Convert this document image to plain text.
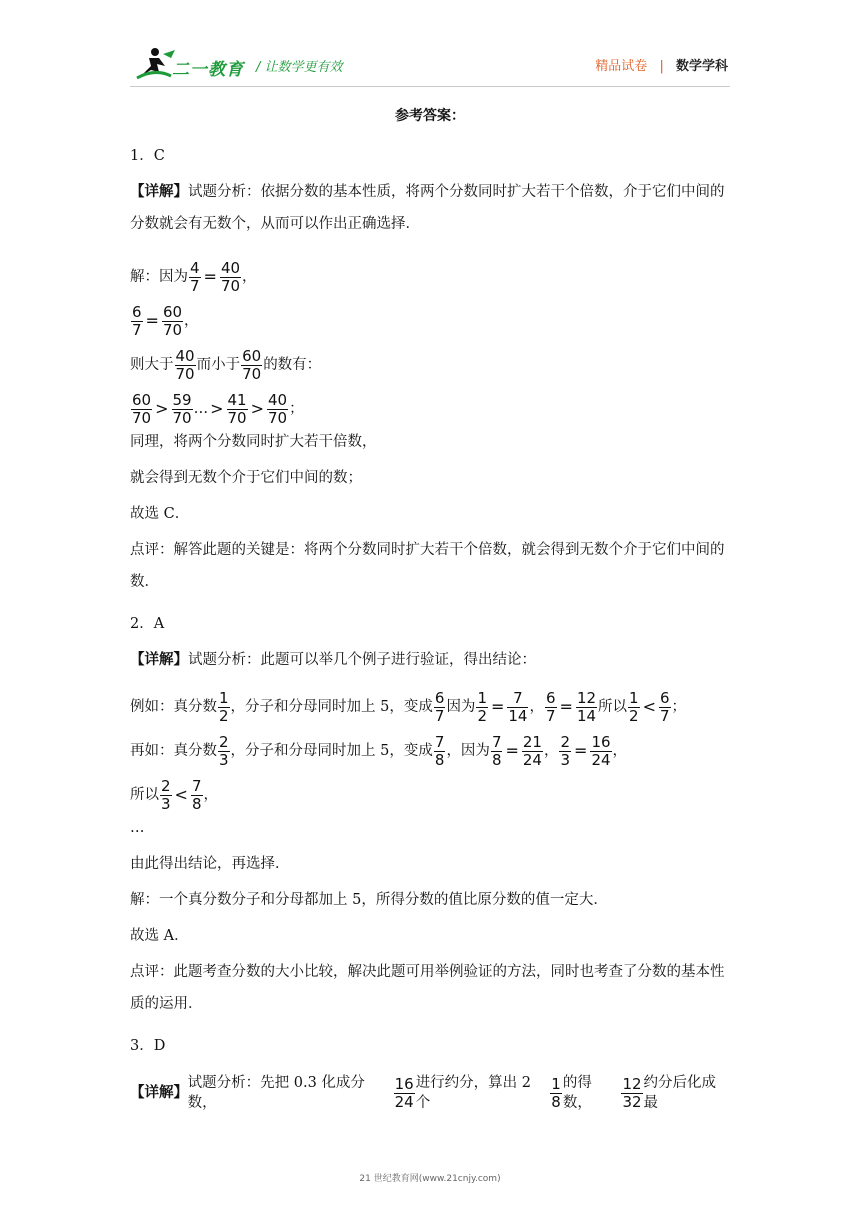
二一教育 / 让数学更有效	精品试卷 | 数学学科
参考答案：
1．C
【详解】试题分析：依据分数的基本性质，将两个分数同时扩大若干个倍数，介于它们中间的分数就会有无数个，从而可以作出正确选择．
解：因为 $\frac{4}{7} = \frac{40}{70}$ ，
$\frac{6}{7} = \frac{60}{70}$ ，
则大于 $\frac{40}{70}$ 而小于 $\frac{60}{70}$ 的数有：
$\frac{60}{70} > \frac{59}{70}$ … > $\frac{41}{70} > \frac{40}{70}$ ；
同理，将两个分数同时扩大若干倍数，
就会得到无数个介于它们中间的数；
故选 C．
点评：解答此题的关键是：将两个分数同时扩大若干个倍数，就会得到无数个介于它们中间的数．
2．A
【详解】试题分析：此题可以举几个例子进行验证，得出结论：
例如：真分数 $\frac{1}{2}$ ，分子和分母同时加上 5，变成 $\frac{6}{7}$ 因为 $\frac{1}{2} = \frac{7}{14}$ ， $\frac{6}{7} = \frac{12}{14}$ 所以 $\frac{1}{2} < \frac{6}{7}$ ；
再如：真分数 $\frac{2}{3}$ ，分子和分母同时加上 5，变成 $\frac{7}{8}$ ，因为 $\frac{7}{8} = \frac{21}{24}$ ， $\frac{2}{3} = \frac{16}{24}$ ，
所以 $\frac{2}{3} < \frac{7}{8}$ ，
…
由此得出结论，再选择．
解：一个真分数分子和分母都加上 5，所得分数的值比原分数的值一定大．
故选 A．
点评：此题考查分数的大小比较，解决此题可用举例验证的方法，同时也考查了分数的基本性质的运用．
3．D
【详解】
试题分析：先把 0.3 化成分数，	$\frac{16}{24}$ 进行约分，算出 2 个	$\frac{1}{8}$ 的得数，	$\frac{12}{32}$ 约分后化成最
21 世纪教育网(www.21cnjy.com)
